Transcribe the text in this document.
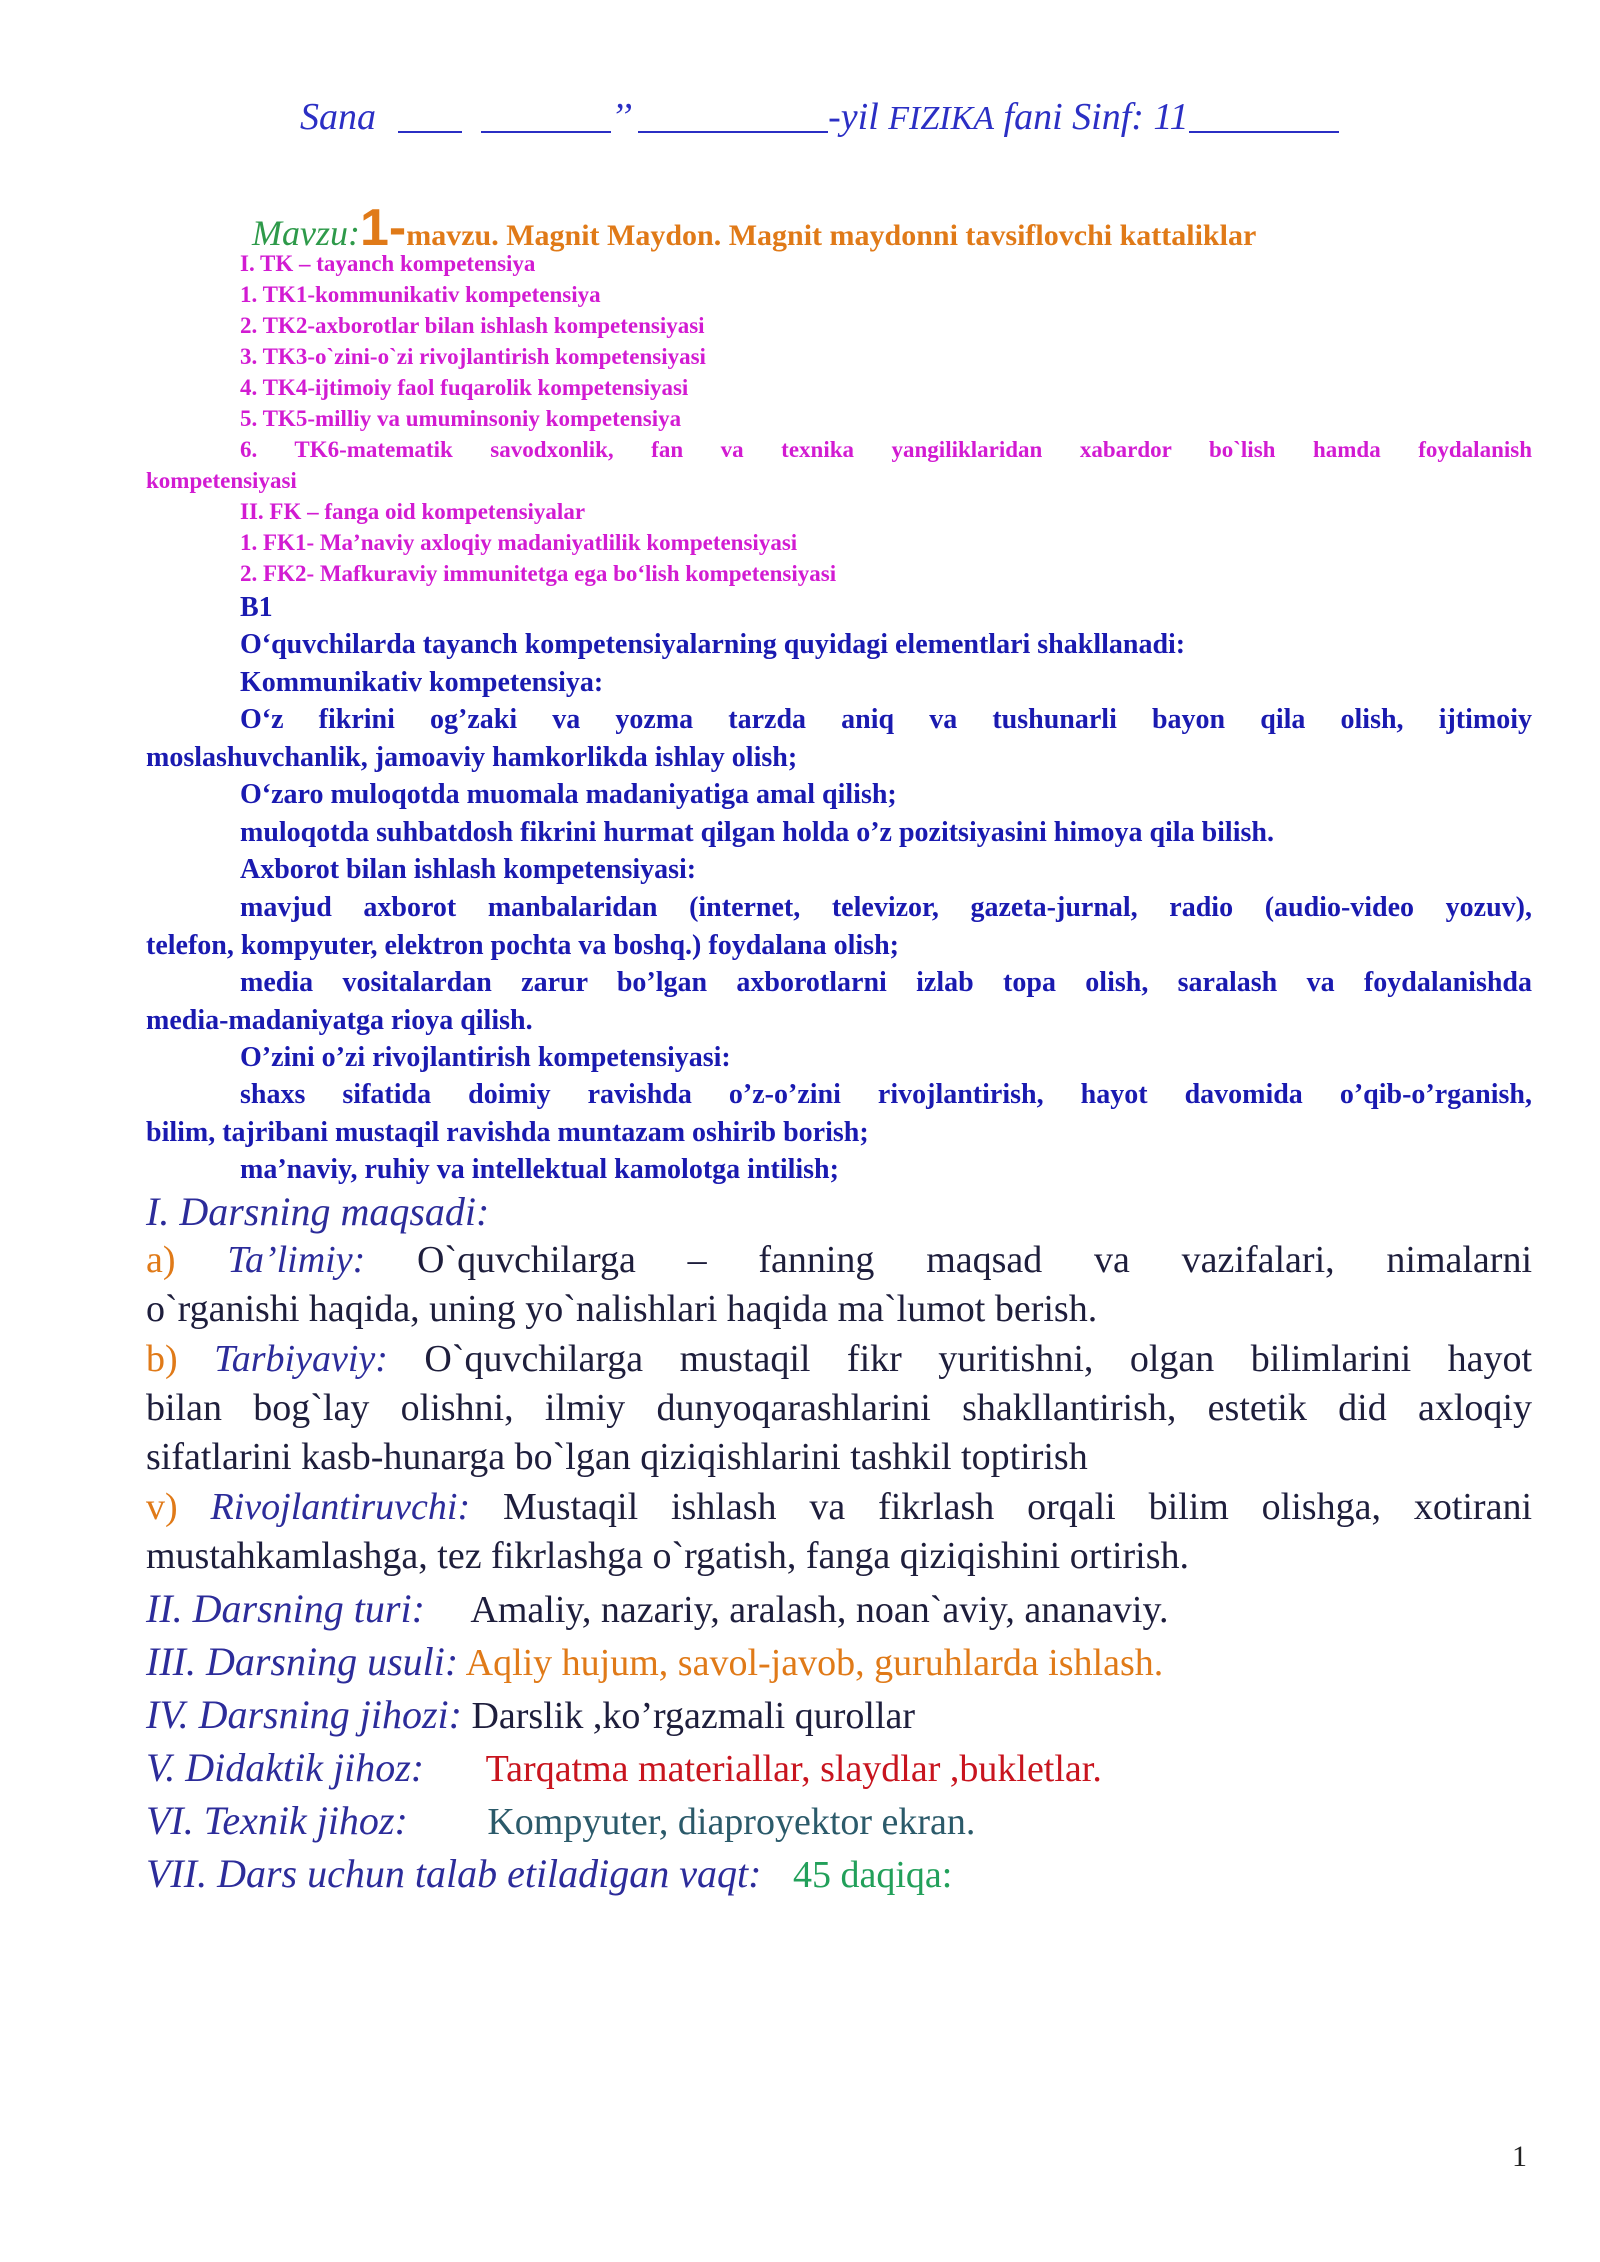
Sana	’’	-yil FIZIKA fani Sinf: 11
Mavzu:1-mavzu. Magnit Maydon. Magnit maydonni tavsiflovchi kattaliklar
I. TK – tayanch kompetensiya
1. TK1-kommunikativ kompetensiya
2. TK2-axborotlar bilan ishlash kompetensiyasi
3. TK3-o`zini-o`zi rivojlantirish kompetensiyasi
4. TK4-ijtimoiy faol fuqarolik kompetensiyasi
5. TK5-milliy va umuminsoniy kompetensiya
6. TK6-matematik savodxonlik, fan va texnika yangiliklaridan xabardor bo`lish hamda foydalanish
kompetensiyasi
II. FK – fanga oid kompetensiyalar
1. FK1- Ma’naviy axloqiy madaniyatlilik kompetensiyasi
2. FK2- Mafkuraviy immunitetga ega bo‘lish kompetensiyasi
B1
O‘quvchilarda tayanch kompetensiyalarning quyidagi elementlari shakllanadi:
Kommunikativ kompetensiya:
O‘z fikrini og’zaki va yozma tarzda aniq va tushunarli bayon qila olish, ijtimoiy
moslashuvchanlik, jamoaviy hamkorlikda ishlay olish;
O‘zaro muloqotda muomala madaniyatiga amal qilish;
muloqotda suhbatdosh fikrini hurmat qilgan holda o’z pozitsiyasini himoya qila bilish.
Axborot bilan ishlash kompetensiyasi:
mavjud axborot manbalaridan (internet, televizor, gazeta-jurnal, radio (audio-video yozuv),
telefon, kompyuter, elektron pochta va boshq.) foydalana olish;
media vositalardan zarur bo’lgan axborotlarni izlab topa olish, saralash va foydalanishda
media-madaniyatga rioya qilish.
O’zini o’zi rivojlantirish kompetensiyasi:
shaxs sifatida doimiy ravishda o’z-o’zini rivojlantirish, hayot davomida o’qib-o’rganish,
bilim, tajribani mustaqil ravishda muntazam oshirib borish;
ma’naviy, ruhiy va intellektual kamolotga intilish;
I. Darsning maqsadi:
a) Ta’limiy: O`quvchilarga – fanning maqsad va vazifalari, nimalarni
o`rganishi haqida, uning yo`nalishlari haqida ma`lumot berish.
b) Tarbiyaviy: O`quvchilarga mustaqil fikr yuritishni, olgan bilimlarini hayot
bilan bog`lay olishni, ilmiy dunyoqarashlarini shakllantirish, estetik did axloqiy
sifatlarini kasb-hunarga bo`lgan qiziqishlarini tashkil toptirish
v) Rivojlantiruvchi: Mustaqil ishlash va fikrlash orqali bilim olishga, xotirani
mustahkamlashga, tez fikrlashga o`rgatish, fanga qiziqishini ortirish.
II. Darsning turi: Amaliy, nazariy, aralash, noan`aviy, ananaviy.
III. Darsning usuli: Aqliy hujum, savol-javob, guruhlarda ishlash.
IV. Darsning jihozi: Darslik ,ko’rgazmali qurollar
V. Didaktik jihoz: Tarqatma materiallar, slaydlar ,bukletlar.
VI. Texnik jihoz: Kompyuter, diaproyektor ekran.
VII. Dars uchun talab etiladigan vaqt: 45 daqiqa:
1
